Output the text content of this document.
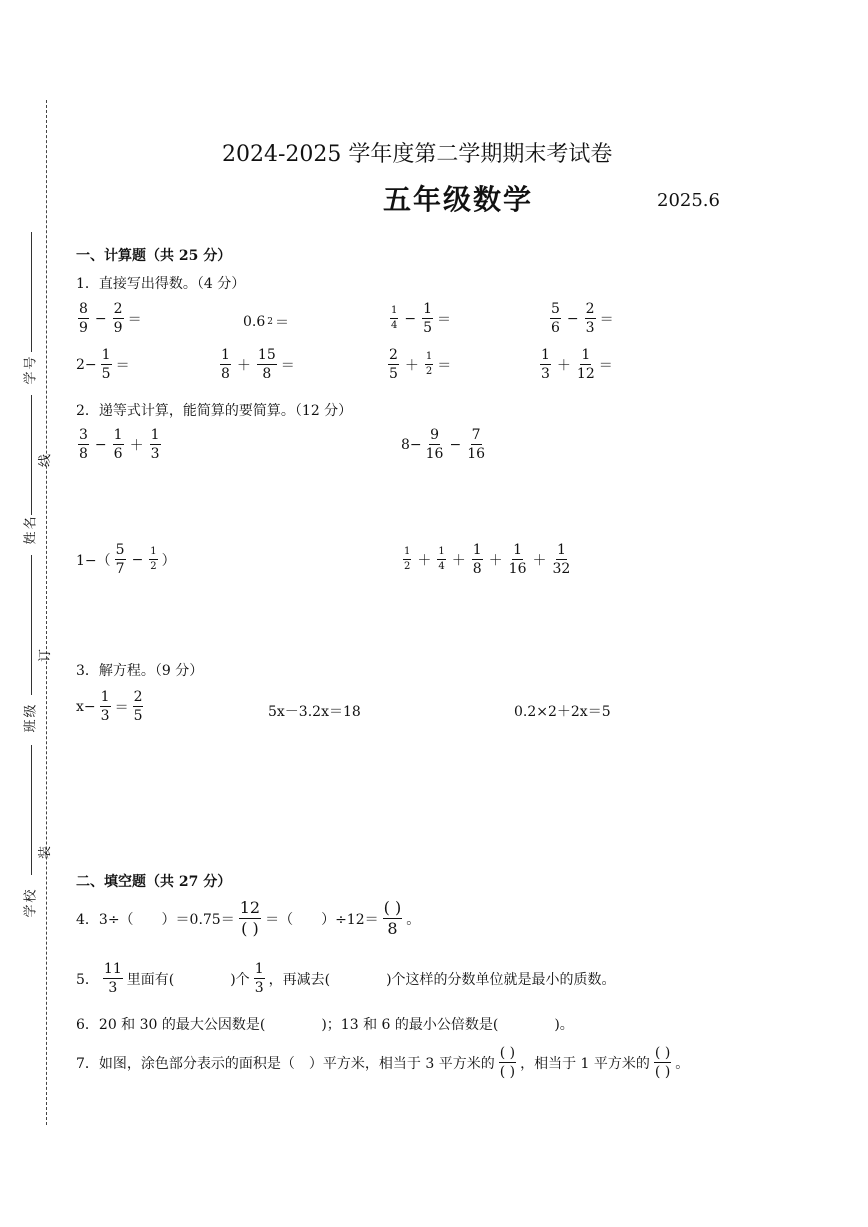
学号
姓名
班级
学校
线
订
装
2024-2025 学年度第二学期期末考试卷
五年级数学	2025.6
一、计算题（共 25 分）
1．直接写出得数。（4 分）
$\frac{8}{9} - \frac{2}{9}$ ＝	0.6 2 ＝	$\frac{1}{4} - \frac{1}{5}$ ＝	$\frac{5}{6} - \frac{2}{3}$ ＝
$2- \frac{1}{5}$ ＝	$\frac{1}{8} + \frac{15}{8}$ ＝	$\frac{2}{5} + \frac{1}{2}$ ＝	$\frac{1}{3} + \frac{1}{12}$ ＝
2．递等式计算，能简算的要简算。（12 分）
$\frac{3}{8} - \frac{1}{6} + \frac{1}{3}$	$8- \frac{9}{16} - \frac{7}{16}$
$1-( \frac{5}{7} - \frac{1}{2}$ ）	$\frac{1}{2} + \frac{1}{4} + \frac{1}{8} + \frac{1}{16} + \frac{1}{32}$
3．解方程。（9 分）
$x- \frac{1}{3} = \frac{2}{5}$	5x－3.2x＝18	0.2×2＋2x＝5
二、填空题（共 27 分）
4．3÷（　　）$=0.75= \frac{12}{( )}$ ＝（　　）$\div 12= \frac{( )}{8}$ 。
5． $\frac{11}{3}$ 里面有(　　　　)个 $\frac{1}{3}$ ，再减去(　　　　)个这样的分数单位就是最小的质数。
6．20 和 30 的最大公因数是(　　　　)；13 和 6 的最小公倍数是(　　　　)。
7．如图，涂色部分表示的面积是（　）平方米，相当于 3 平方米的 $\frac{( )}{( )}$ ，相当于 1 平方米的 $\frac{( )}{( )}$ 。
